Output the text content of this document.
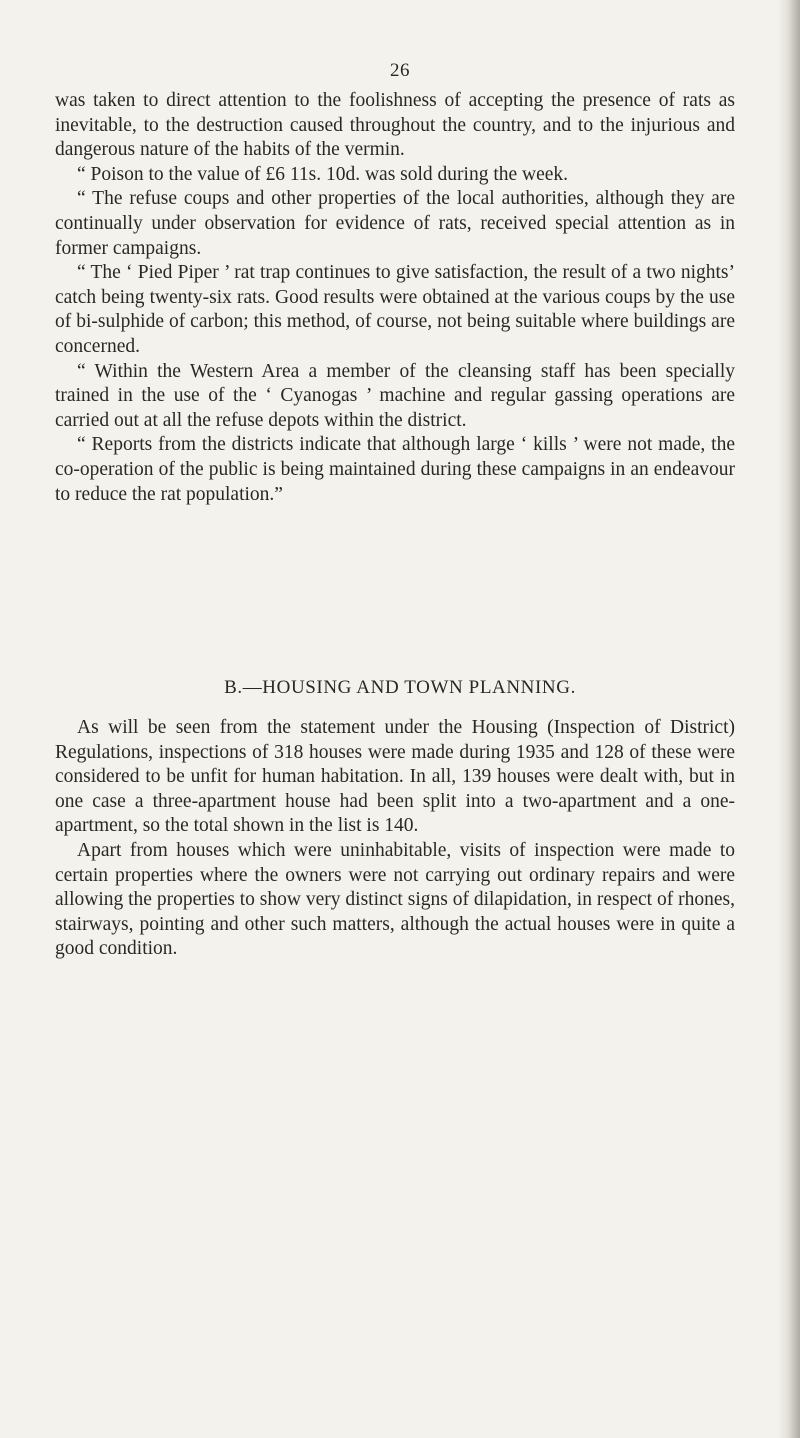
26

was taken to direct attention to the foolishness of accepting the presence of rats as inevitable, to the destruction caused throughout the country, and to the injurious and dangerous nature of the habits of the vermin.

“ Poison to the value of £6 11s. 10d. was sold during the week.

“ The refuse coups and other properties of the local authorities, although they are continually under observation for evidence of rats, received special attention as in former campaigns.

“ The ‘ Pied Piper ’ rat trap continues to give satisfaction, the result of a two nights’ catch being twenty-six rats. Good results were obtained at the various coups by the use of bi-sulphide of carbon; this method, of course, not being suitable where buildings are concerned.

“ Within the Western Area a member of the cleansing staff has been specially trained in the use of the ‘ Cyanogas ’ machine and regular gassing operations are carried out at all the refuse depots within the district.

“ Reports from the districts indicate that although large ‘ kills ’ were not made, the co-operation of the public is being maintained during these campaigns in an endeavour to reduce the rat population.”

B.—HOUSING AND TOWN PLANNING.

As will be seen from the statement under the Housing (Inspection of District) Regulations, inspections of 318 houses were made during 1935 and 128 of these were considered to be unfit for human habitation. In all, 139 houses were dealt with, but in one case a three-apartment house had been split into a two-apartment and a one-apartment, so the total shown in the list is 140.

Apart from houses which were uninhabitable, visits of inspection were made to certain properties where the owners were not carrying out ordinary repairs and were allowing the properties to show very distinct signs of dilapidation, in respect of rhones, stairways, pointing and other such matters, although the actual houses were in quite a good condition.
